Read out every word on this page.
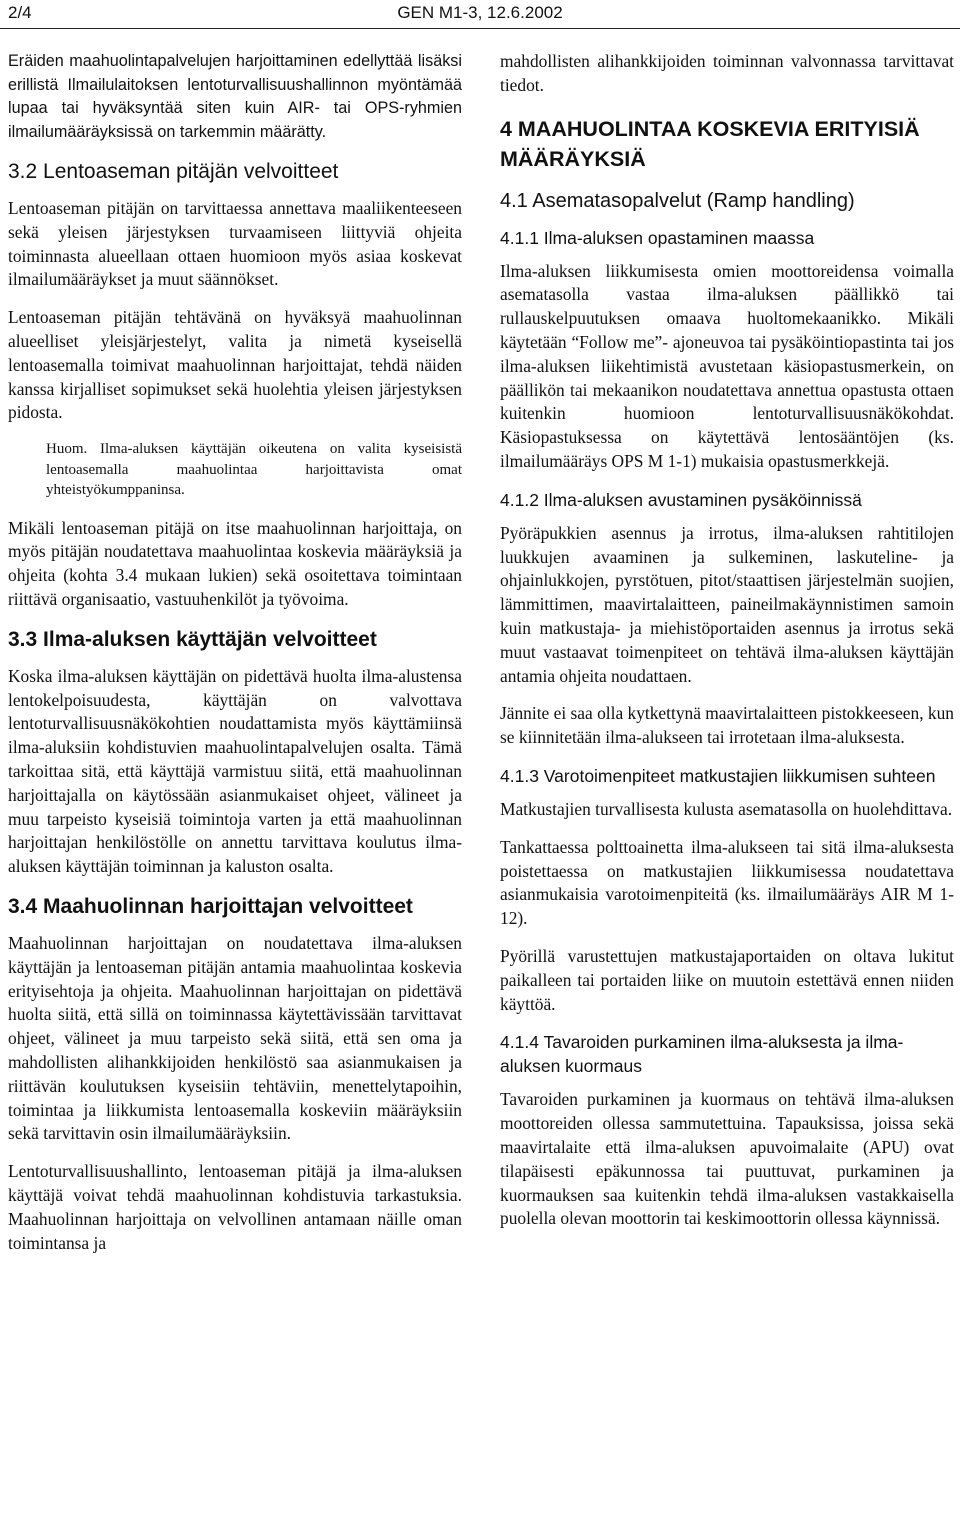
2/4	GEN M1-3, 12.6.2002

Eräiden maahuolintapalvelujen harjoittaminen edellyttää lisäksi erillistä Ilmailulaitoksen lentoturvallisuushallinnon myöntämää lupaa tai hyväksyntää siten kuin AIR- tai OPS-ryhmien ilmailumääräyksissä on tarkemmin määrätty.

3.2 Lentoaseman pitäjän velvoitteet

Lentoaseman pitäjän on tarvittaessa annettava maaliikenteeseen sekä yleisen järjestyksen turvaamiseen liittyviä ohjeita toiminnasta alueellaan ottaen huomioon myös asiaa koskevat ilmailumääräykset ja muut säännökset.

Lentoaseman pitäjän tehtävänä on hyväksyä maahuolinnan alueelliset yleisjärjestelyt, valita ja nimetä kyseisellä lentoasemalla toimivat maahuolinnan harjoittajat, tehdä näiden kanssa kirjalliset sopimukset sekä huolehtia yleisen järjestyksen pidosta.

Huom. Ilma-aluksen käyttäjän oikeutena on valita kyseisistä lentoasemalla maahuolintaa harjoittavista omat yhteistyökumppaninsa.

Mikäli lentoaseman pitäjä on itse maahuolinnan harjoittaja, on myös pitäjän noudatettava maahuolintaa koskevia määräyksiä ja ohjeita (kohta 3.4 mukaan lukien) sekä osoitettava toimintaan riittävä organisaatio, vastuuhenkilöt ja työvoima.

3.3 Ilma-aluksen käyttäjän velvoitteet

Koska ilma-aluksen käyttäjän on pidettävä huolta ilma-alustensa lentokelpoisuudesta, käyttäjän on valvottava lentoturvallisuusnäkökohtien noudattamista myös käyttämiinsä ilma-aluksiin kohdistuvien maahuolintapalvelujen osalta. Tämä tarkoittaa sitä, että käyttäjä varmistuu siitä, että maahuolinnan harjoittajalla on käytössään asianmukaiset ohjeet, välineet ja muu tarpeisto kyseisiä toimintoja varten ja että maahuolinnan harjoittajan henkilöstölle on annettu tarvittava koulutus ilma-aluksen käyttäjän toiminnan ja kaluston osalta.

3.4 Maahuolinnan harjoittajan velvoitteet

Maahuolinnan harjoittajan on noudatettava ilma-aluksen käyttäjän ja lentoaseman pitäjän antamia maahuolintaa koskevia erityisehtoja ja ohjeita. Maahuolinnan harjoittajan on pidettävä huolta siitä, että sillä on toiminnassa käytettävissään tarvittavat ohjeet, välineet ja muu tarpeisto sekä siitä, että sen oma ja mahdollisten alihankkijoiden henkilöstö saa asianmukaisen ja riittävän koulutuksen kyseisiin tehtäviin, menettelytapoihin, toimintaa ja liikkumista lentoasemalla koskeviin määräyksiin sekä tarvittavin osin ilmailumääräyksiin.

Lentoturvallisuushallinto, lentoaseman pitäjä ja ilma-aluksen käyttäjä voivat tehdä maahuolinnan kohdistuvia tarkastuksia. Maahuolinnan harjoittaja on velvollinen antamaan näille oman toimintansa ja

mahdollisten alihankkijoiden toiminnan valvonnassa tarvittavat tiedot.

4 MAAHUOLINTAA KOSKEVIA ERITYISIÄ MÄÄRÄYKSIÄ
4.1 Asematasopalvelut (Ramp handling)
4.1.1 Ilma-aluksen opastaminen maassa

Ilma-aluksen liikkumisesta omien moottoreidensa voimalla asematasolla vastaa ilma-aluksen päällikkö tai rullauskelpuutuksen omaava huoltomekaanikko. Mikäli käytetään “Follow me”- ajoneuvoa tai pysäköintiopastinta tai jos ilma-aluksen liikehtimistä avustetaan käsiopastusmerkein, on päällikön tai mekaanikon noudatettava annettua opastusta ottaen kuitenkin huomioon lentoturvallisuusnäkökohdat. Käsiopastuksessa on käytettävä lentosääntöjen (ks. ilmailumääräys OPS M 1-1) mukaisia opastusmerkkejä.

4.1.2 Ilma-aluksen avustaminen pysäköinnissä

Pyöräpukkien asennus ja irrotus, ilma-aluksen rahtitilojen luukkujen avaaminen ja sulkeminen, laskuteline- ja ohjainlukkojen, pyrstötuen, pitot/staattisen järjestelmän suojien, lämmittimen, maavirtalaitteen, paineilmakäynnistimen samoin kuin matkustaja- ja miehistöportaiden asennus ja irrotus sekä muut vastaavat toimenpiteet on tehtävä ilma-aluksen käyttäjän antamia ohjeita noudattaen.

Jännite ei saa olla kytkettynä maavirtalaitteen pistokkeeseen, kun se kiinnitetään ilma-alukseen tai irrotetaan ilma-aluksesta.

4.1.3 Varotoimenpiteet matkustajien liikkumisen suhteen

Matkustajien turvallisesta kulusta asematasolla on huolehdittava.

Tankattaessa polttoainetta ilma-alukseen tai sitä ilma-aluksesta poistettaessa on matkustajien liikkumisessa noudatettava asianmukaisia varotoimenpiteitä (ks. ilmailumääräys AIR M 1-12).

Pyörillä varustettujen matkustajaportaiden on oltava lukitut paikalleen tai portaiden liike on muutoin estettävä ennen niiden käyttöä.

4.1.4 Tavaroiden purkaminen ilma-aluksesta ja ilma-aluksen kuormaus

Tavaroiden purkaminen ja kuormaus on tehtävä ilma-aluksen moottoreiden ollessa sammutettuina. Tapauksissa, joissa sekä maavirtalaite että ilma-aluksen apuvoimalaite (APU) ovat tilapäisesti epäkunnossa tai puuttuvat, purkaminen ja kuormauksen saa kuitenkin tehdä ilma-aluksen vastakkaisella puolella olevan moottorin tai keskimoottorin ollessa käynnissä.
